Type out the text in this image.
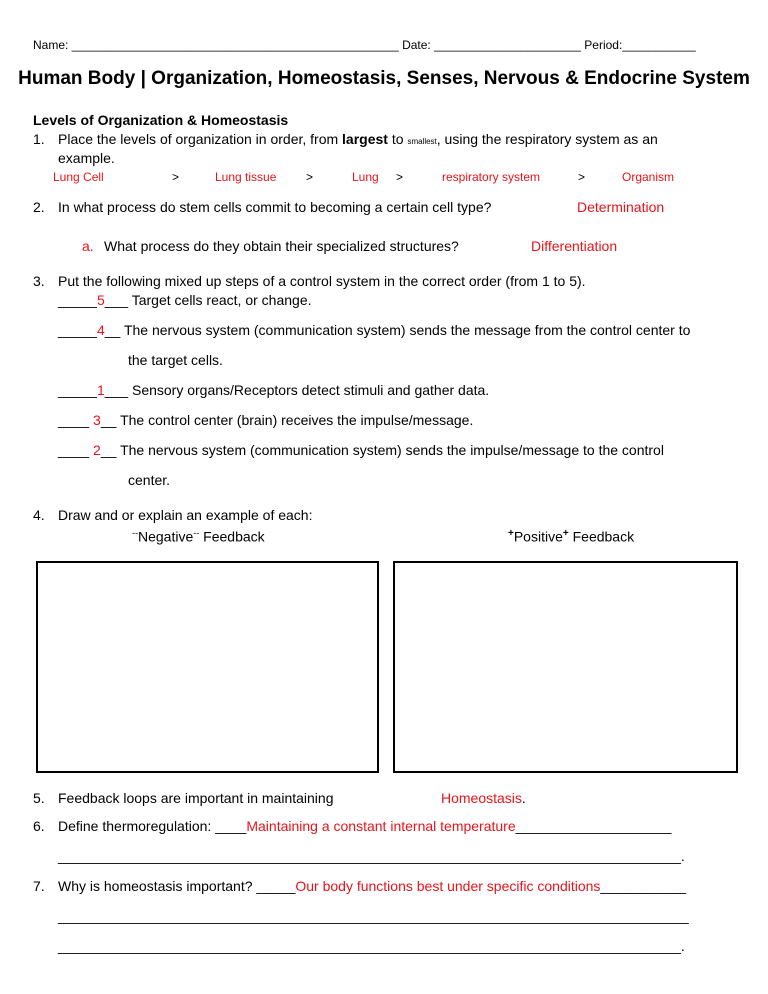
Name: _________________________________________________ Date: ______________________ Period:___________
Human Body | Organization, Homeostasis, Senses, Nervous & Endocrine System
Levels of Organization & Homeostasis
1. Place the levels of organization in order, from largest to smallest, using the respiratory system as an
example.
Lung Cell	>	Lung tissue >	Lung >	respiratory system	>	Organism
2. In what process do stem cells commit to becoming a certain cell type?	Determination
a. What process do they obtain their specialized structures?	Differentiation
3. Put the following mixed up steps of a control system in the correct order (from 1 to 5).
_____5___ Target cells react, or change.
_____4__ The nervous system (communication system) sends the message from the control center to
the target cells.
_____1___ Sensory organs/Receptors detect stimuli and gather data.
____ 3__ The control center (brain) receives the impulse/message.
____ 2__ The nervous system (communication system) sends the impulse/message to the control
center.
4. Draw and or explain an example of each:
--Negative-- Feedback	+Positive+ Feedback
5. Feedback loops are important in maintaining	Homeostasis.
6. Define thermoregulation: ____Maintaining a constant internal temperature____________________
________________________________________________________________________________.
7. Why is homeostasis important? _____Our body functions best under specific conditions___________
_________________________________________________________________________________
________________________________________________________________________________.
